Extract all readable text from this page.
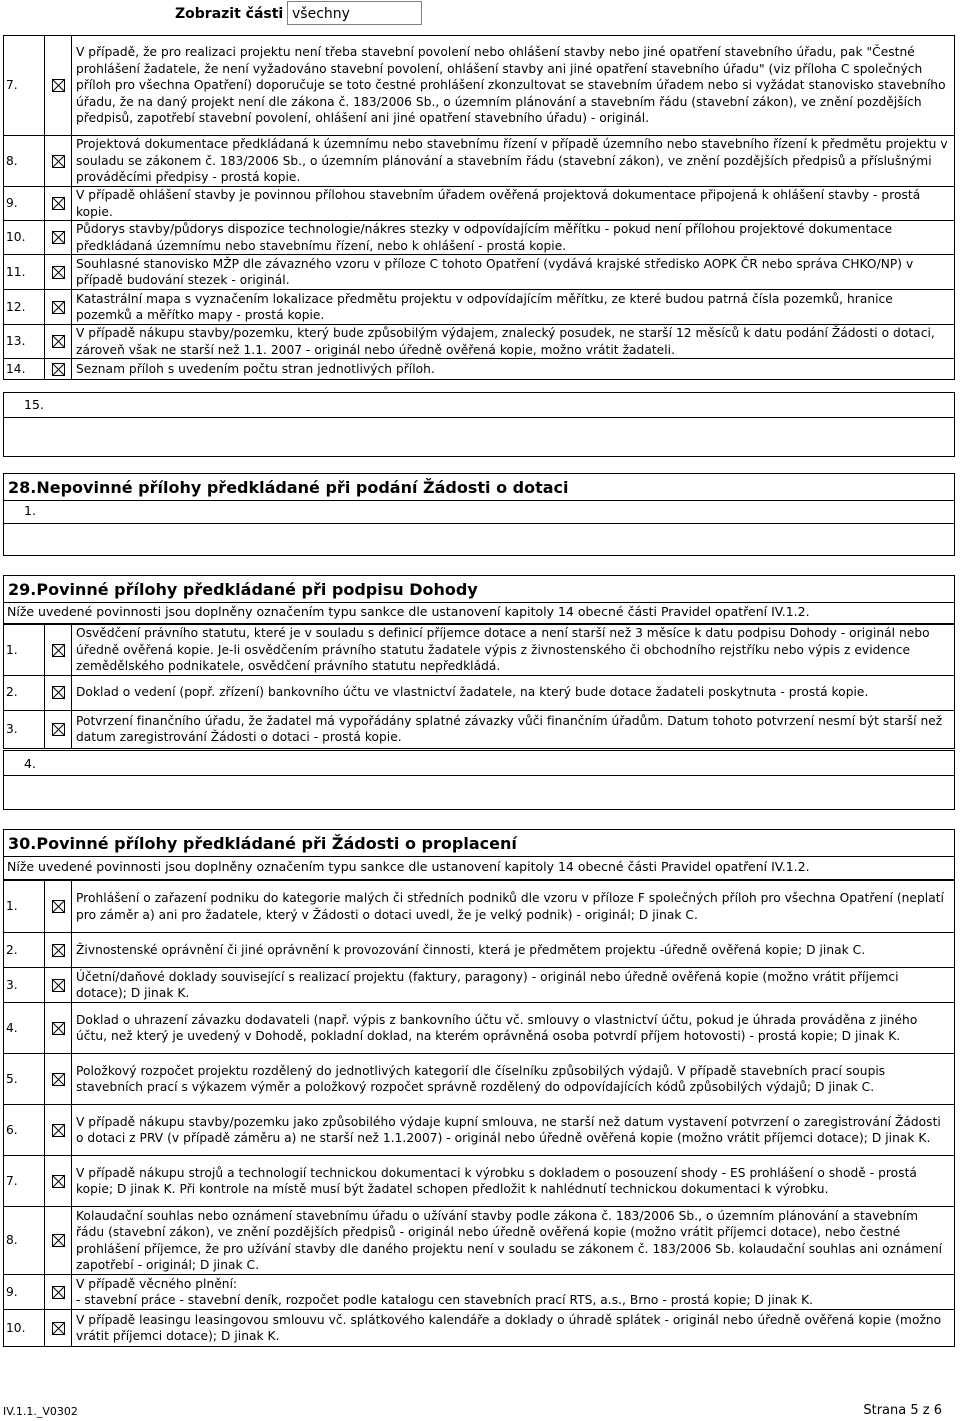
Zobrazit části všechny
7.		V případě, že pro realizaci projektu není třeba stavební povolení nebo ohlášení stavby nebo jiné opatření stavebního úřadu, pak "Čestné prohlášení žadatele, že není vyžadováno stavební povolení, ohlášení stavby ani jiné opatření stavebního úřadu" (viz příloha C společných příloh pro všechna Opatření) doporučuje se toto čestné prohlášení zkonzultovat se stavebním úřadem nebo si vyžádat stanovisko stavebního úřadu, že na daný projekt není dle zákona č. 183/2006 Sb., o územním plánování a stavebním řádu (stavební zákon), ve znění pozdějších předpisů, zapotřebí stavební povolení, ohlášení ani jiné opatření stavebního úřadu) - originál.
8.		Projektová dokumentace předkládaná k územnímu nebo stavebnímu řízení v případě územního nebo stavebního řízení k předmětu projektu v souladu se zákonem č. 183/2006 Sb., o územním plánování a stavebním řádu (stavební zákon), ve znění pozdějších předpisů a příslušnými prováděcími předpisy - prostá kopie.
9.		V případě ohlášení stavby je povinnou přílohou stavebním úřadem ověřená projektová dokumentace připojená k ohlášení stavby - prostá kopie.
10.		Půdorys stavby/půdorys dispozice technologie/nákres stezky v odpovídajícím měřítku - pokud není přílohou projektové dokumentace předkládaná územnímu nebo stavebnímu řízení, nebo k ohlášení - prostá kopie.
11.		Souhlasné stanovisko MŽP dle závazného vzoru v příloze C tohoto Opatření (vydává krajské středisko AOPK ČR nebo správa CHKO/NP) v případě budování stezek - originál.
12.		Katastrální mapa s vyznačením lokalizace předmětu projektu v odpovídajícím měřítku, ze které budou patrná čísla pozemků, hranice pozemků a měřítko mapy - prostá kopie.
13.		V případě nákupu stavby/pozemku, který bude způsobilým výdajem, znalecký posudek, ne starší 12 měsíců k datu podání Žádosti o dotaci, zároveň však ne starší než 1.1. 2007 - originál nebo úředně ověřená kopie, možno vrátit žadateli.
14.		Seznam příloh s uvedením počtu stran jednotlivých příloh.
15.
28.Nepovinné přílohy předkládané při podání Žádosti o dotaci
1.
29.Povinné přílohy předkládané při podpisu Dohody
Níže uvedené povinnosti jsou doplněny označením typu sankce dle ustanovení kapitoly 14 obecné části Pravidel opatření IV.1.2.
1.		Osvědčení právního statutu, které je v souladu s definicí příjemce dotace a není starší než 3 měsíce k datu podpisu Dohody - originál nebo úředně ověřená kopie. Je-li osvědčením právního statutu žadatele výpis z živnostenského či obchodního rejstříku nebo výpis z evidence zemědělského podnikatele, osvědčení právního statutu nepředkládá.
2.		Doklad o vedení (popř. zřízení) bankovního účtu ve vlastnictví žadatele, na který bude dotace žadateli poskytnuta - prostá kopie.
3.		Potvrzení finančního úřadu, že žadatel má vypořádány splatné závazky vůči finančním úřadům. Datum tohoto potvrzení nesmí být starší než datum zaregistrování Žádosti o dotaci - prostá kopie.
4.
30.Povinné přílohy předkládané při Žádosti o proplacení
Níže uvedené povinnosti jsou doplněny označením typu sankce dle ustanovení kapitoly 14 obecné části Pravidel opatření IV.1.2.
1.		Prohlášení o zařazení podniku do kategorie malých či středních podniků dle vzoru v příloze F společných příloh pro všechna Opatření (neplatí pro záměr a) ani pro žadatele, který v Žádosti o dotaci uvedl, že je velký podnik) - originál; D jinak C.
2.		Živnostenské oprávnění či jiné oprávnění k provozování činnosti, která je předmětem projektu -úředně ověřená kopie; D jinak C.
3.		Účetní/daňové doklady související s realizací projektu (faktury, paragony) - originál nebo úředně ověřená kopie (možno vrátit příjemci dotace); D jinak K.
4.		Doklad o uhrazení závazku dodavateli (např. výpis z bankovního účtu vč. smlouvy o vlastnictví účtu, pokud je úhrada prováděna z jiného účtu, než který je uvedený v Dohodě, pokladní doklad, na kterém oprávněná osoba potvrdí příjem hotovosti) - prostá kopie; D jinak K.
5.		Položkový rozpočet projektu rozdělený do jednotlivých kategorií dle číselníku způsobilých výdajů. V případě stavebních prací soupis stavebních prací s výkazem výměr a položkový rozpočet správně rozdělený do odpovídajících kódů způsobilých výdajů; D jinak C.
6.		V případě nákupu stavby/pozemku jako způsobilého výdaje kupní smlouva, ne starší než datum vystavení potvrzení o zaregistrování Žádosti o dotaci z PRV (v případě záměru a) ne starší než 1.1.2007) - originál nebo úředně ověřená kopie (možno vrátit příjemci dotace); D jinak K.
7.		V případě nákupu strojů a technologií technickou dokumentaci k výrobku s dokladem o posouzení shody - ES prohlášení o shodě - prostá kopie; D jinak K. Při kontrole na místě musí být žadatel schopen předložit k nahlédnutí technickou dokumentaci k výrobku.
8.		Kolaudační souhlas nebo oznámení stavebnímu úřadu o užívání stavby podle zákona č. 183/2006 Sb., o územním plánování a stavebním řádu (stavební zákon), ve znění pozdějších předpisů - originál nebo úředně ověřená kopie (možno vrátit příjemci dotace), nebo čestné prohlášení příjemce, že pro užívání stavby dle daného projektu není v souladu se zákonem č. 183/2006 Sb. kolaudační souhlas ani oznámení zapotřebí - originál; D jinak C.
9.		V případě věcného plnění:
- stavební práce - stavební deník, rozpočet podle katalogu cen stavebních prací RTS, a.s., Brno - prostá kopie; D jinak K.
10.		V případě leasingu leasingovou smlouvu vč. splátkového kalendáře a doklady o úhradě splátek - originál nebo úředně ověřená kopie (možno vrátit příjemci dotace); D jinak K.
IV.1.1._V0302	Strana 5 z 6
